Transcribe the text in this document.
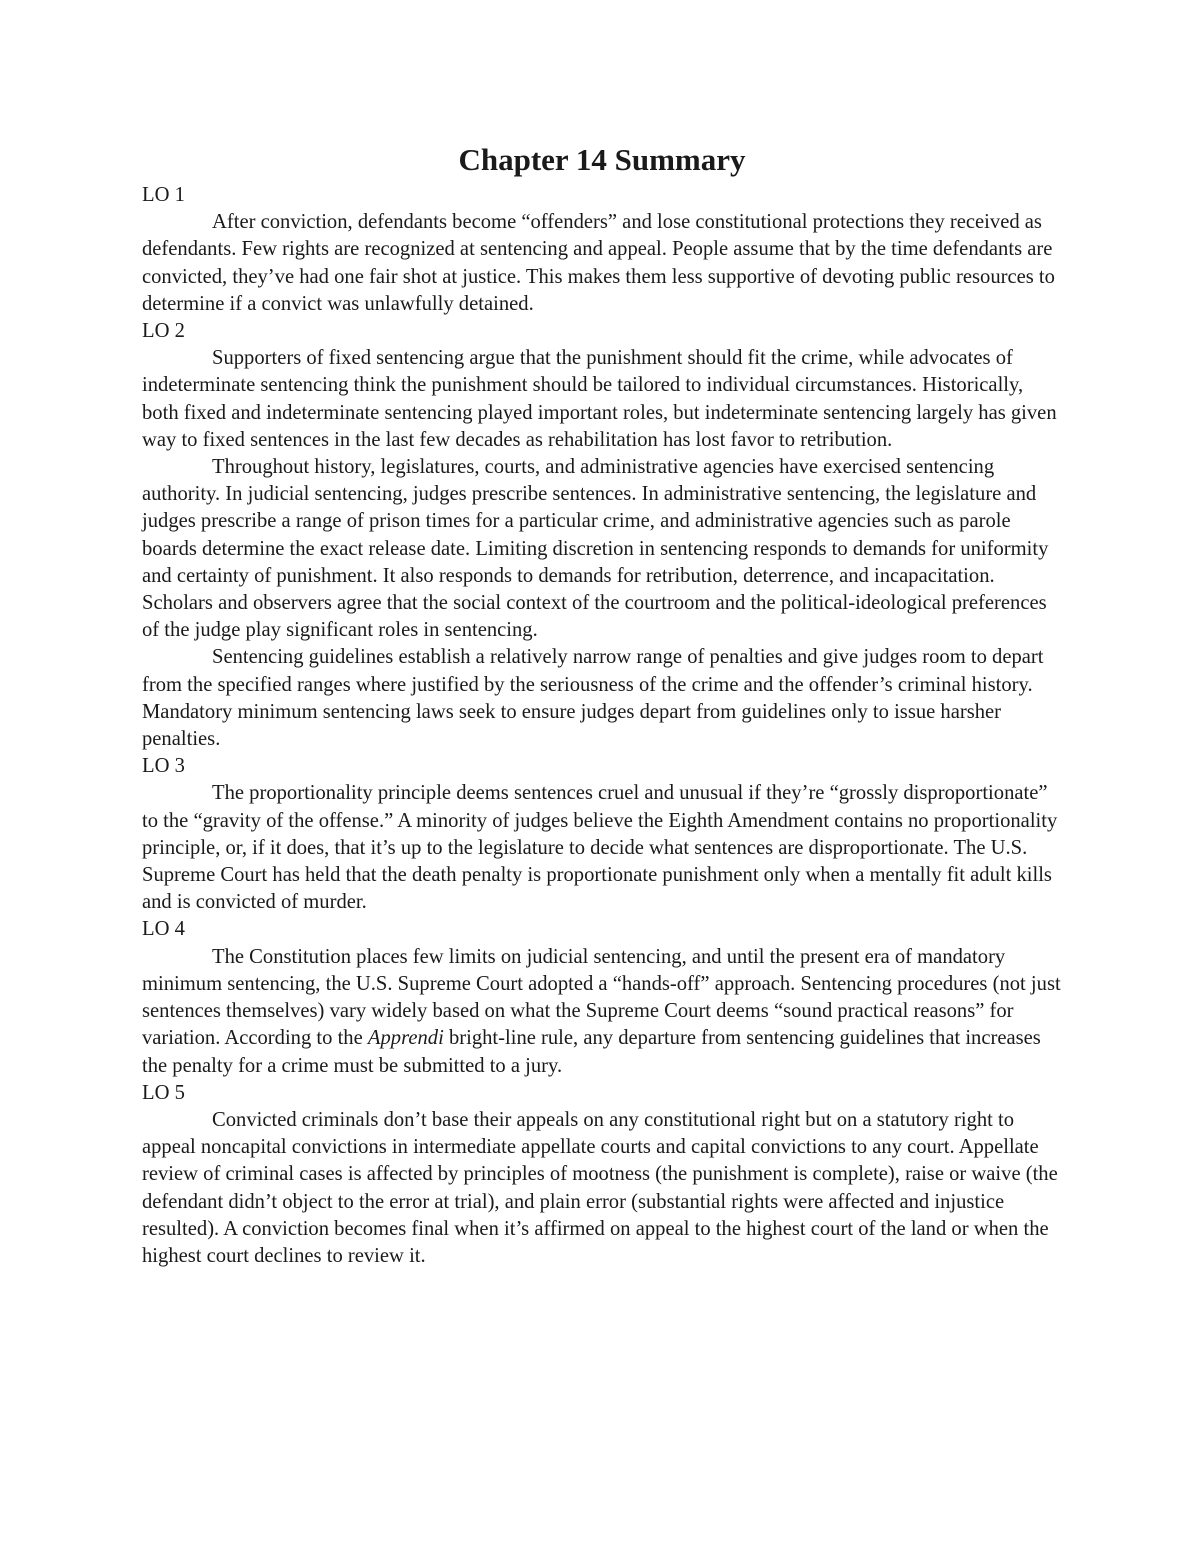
Chapter 14 Summary
LO 1

After conviction, defendants become “offenders” and lose constitutional protections they received as defendants. Few rights are recognized at sentencing and appeal. People assume that by the time defendants are convicted, they’ve had one fair shot at justice. This makes them less supportive of devoting public resources to determine if a convict was unlawfully detained.

LO 2

Supporters of fixed sentencing argue that the punishment should fit the crime, while advocates of indeterminate sentencing think the punishment should be tailored to individual circumstances. Historically, both fixed and indeterminate sentencing played important roles, but indeterminate sentencing largely has given way to fixed sentences in the last few decades as rehabilitation has lost favor to retribution.

Throughout history, legislatures, courts, and administrative agencies have exercised sentencing authority. In judicial sentencing, judges prescribe sentences. In administrative sentencing, the legislature and judges prescribe a range of prison times for a particular crime, and administrative agencies such as parole boards determine the exact release date. Limiting discretion in sentencing responds to demands for uniformity and certainty of punishment. It also responds to demands for retribution, deterrence, and incapacitation. Scholars and observers agree that the social context of the courtroom and the political-ideological preferences of the judge play significant roles in sentencing.

Sentencing guidelines establish a relatively narrow range of penalties and give judges room to depart from the specified ranges where justified by the seriousness of the crime and the offender’s criminal history. Mandatory minimum sentencing laws seek to ensure judges depart from guidelines only to issue harsher penalties.

LO 3

The proportionality principle deems sentences cruel and unusual if they’re “grossly disproportionate” to the “gravity of the offense.” A minority of judges believe the Eighth Amendment contains no proportionality principle, or, if it does, that it’s up to the legislature to decide what sentences are disproportionate. The U.S. Supreme Court has held that the death penalty is proportionate punishment only when a mentally fit adult kills and is convicted of murder.

LO 4

The Constitution places few limits on judicial sentencing, and until the present era of mandatory minimum sentencing, the U.S. Supreme Court adopted a “hands-off” approach. Sentencing procedures (not just sentences themselves) vary widely based on what the Supreme Court deems “sound practical reasons” for variation. According to the Apprendi bright-line rule, any departure from sentencing guidelines that increases the penalty for a crime must be submitted to a jury.

LO 5

Convicted criminals don’t base their appeals on any constitutional right but on a statutory right to appeal noncapital convictions in intermediate appellate courts and capital convictions to any court. Appellate review of criminal cases is affected by principles of mootness (the punishment is complete), raise or waive (the defendant didn’t object to the error at trial), and plain error (substantial rights were affected and injustice resulted). A conviction becomes final when it’s affirmed on appeal to the highest court of the land or when the highest court declines to review it.
